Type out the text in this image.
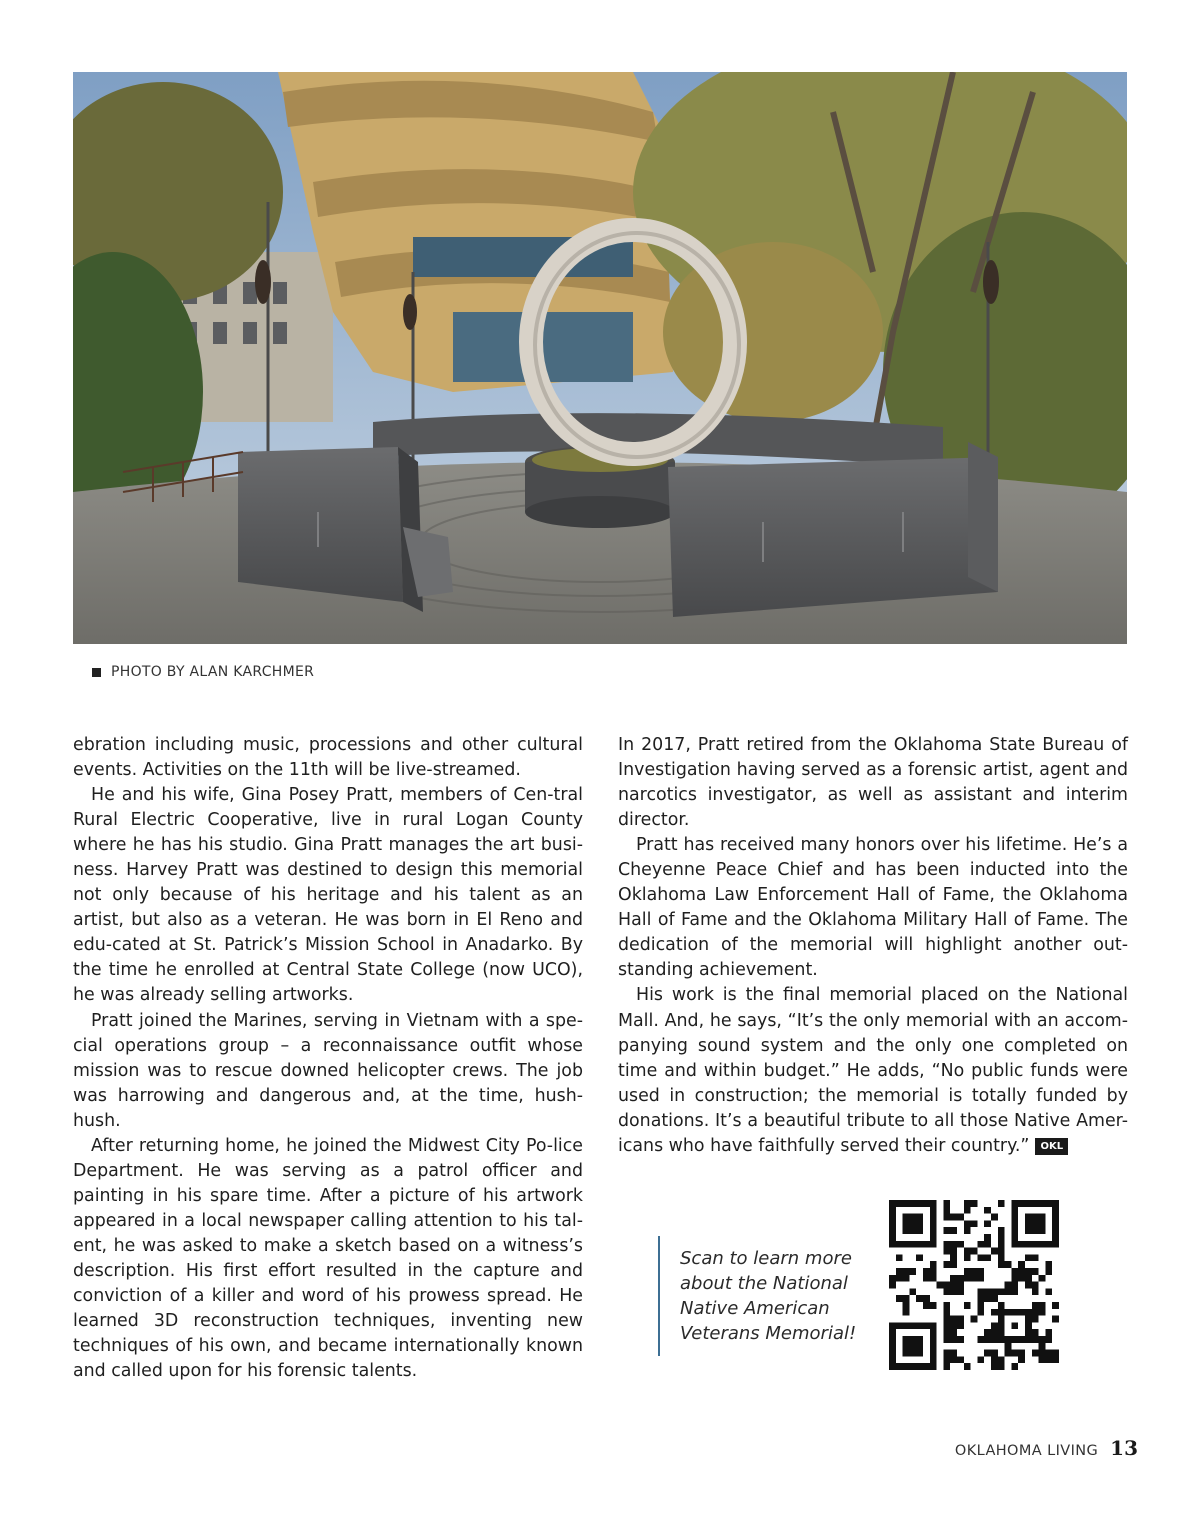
PHOTO BY ALAN KARCHMER

ebration including music, processions and other cultural events. Activities on the 11th will be live-streamed.

He and his wife, Gina Posey Pratt, members of Cen-tral Rural Electric Cooperative, live in rural Logan County where he has his studio. Gina Pratt manages the art busi-ness. Harvey Pratt was destined to design this memorial not only because of his heritage and his talent as an artist, but also as a veteran. He was born in El Reno and edu-cated at St. Patrick’s Mission School in Anadarko. By the time he enrolled at Central State College (now UCO), he was already selling artworks.

Pratt joined the Marines, serving in Vietnam with a spe-cial operations group – a reconnaissance outfit whose mission was to rescue downed helicopter crews. The job was harrowing and dangerous and, at the time, hush-hush.

After returning home, he joined the Midwest City Po-lice Department. He was serving as a patrol officer and painting in his spare time. After a picture of his artwork appeared in a local newspaper calling attention to his tal-ent, he was asked to make a sketch based on a witness’s description. His first effort resulted in the capture and conviction of a killer and word of his prowess spread. He learned 3D reconstruction techniques, inventing new techniques of his own, and became internationally known and called upon for his forensic talents.

In 2017, Pratt retired from the Oklahoma State Bureau of Investigation having served as a forensic artist, agent and narcotics investigator, as well as assistant and interim director.

Pratt has received many honors over his lifetime. He’s a Cheyenne Peace Chief and has been inducted into the Oklahoma Law Enforcement Hall of Fame, the Oklahoma Hall of Fame and the Oklahoma Military Hall of Fame. The dedication of the memorial will highlight another out-standing achievement.

His work is the final memorial placed on the National Mall. And, he says, “It’s the only memorial with an accom-panying sound system and the only one completed on time and within budget.” He adds, “No public funds were used in construction; the memorial is totally funded by donations. It’s a beautiful tribute to all those Native Amer-icans who have faithfully served their country.” OKL

Scan to learn more
about the National
Native American
Veterans Memorial!
OKLAHOMA LIVING 13
